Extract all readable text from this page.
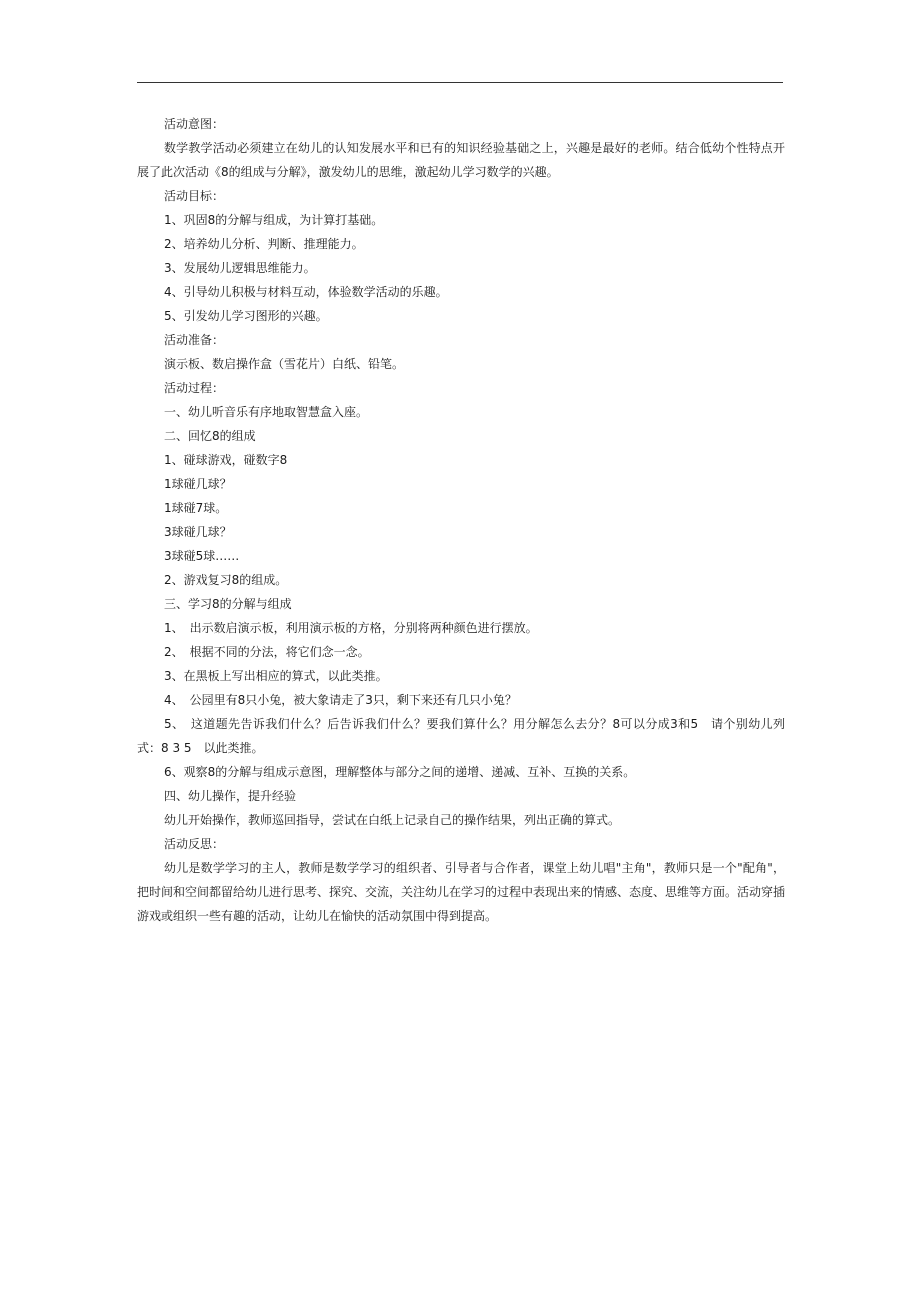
活动意图：
数学教学活动必须建立在幼儿的认知发展水平和已有的知识经验基础之上，兴趣是最好的老师。结合低幼个性特点开展了此次活动《8的组成与分解》，激发幼儿的思维，激起幼儿学习数学的兴趣。
活动目标：
1、巩固8的分解与组成，为计算打基础。
2、培养幼儿分析、判断、推理能力。
3、发展幼儿逻辑思维能力。
4、引导幼儿积极与材料互动，体验数学活动的乐趣。
5、引发幼儿学习图形的兴趣。
活动准备：
演示板、数启操作盒（雪花片）白纸、铅笔。
活动过程：
一、幼儿听音乐有序地取智慧盒入座。
二、回忆8的组成
1、碰球游戏，碰数字8
1球碰几球？
1球碰7球。
3球碰几球？
3球碰5球……
2、游戏复习8的组成。
三、学习8的分解与组成
1、　出示数启演示板，利用演示板的方格，分别将两种颜色进行摆放。
2、　根据不同的分法，将它们念一念。
3、在黑板上写出相应的算式，以此类推。
4、　公园里有8只小兔，被大象请走了3只，剩下来还有几只小兔？
5、　这道题先告诉我们什么？后告诉我们什么？要我们算什么？用分解怎么去分？8可以分成3和5　请个别幼儿列式：8 3 5　以此类推。
6、观察8的分解与组成示意图，理解整体与部分之间的递增、递减、互补、互换的关系。
四、幼儿操作，提升经验
幼儿开始操作，教师巡回指导，尝试在白纸上记录自己的操作结果，列出正确的算式。
活动反思：
幼儿是数学学习的主人，教师是数学学习的组织者、引导者与合作者，课堂上幼儿唱"主角"，教师只是一个"配角"，把时间和空间都留给幼儿进行思考、探究、交流，关注幼儿在学习的过程中表现出来的情感、态度、思维等方面。活动穿插游戏或组织一些有趣的活动，让幼儿在愉快的活动氛围中得到提高。
